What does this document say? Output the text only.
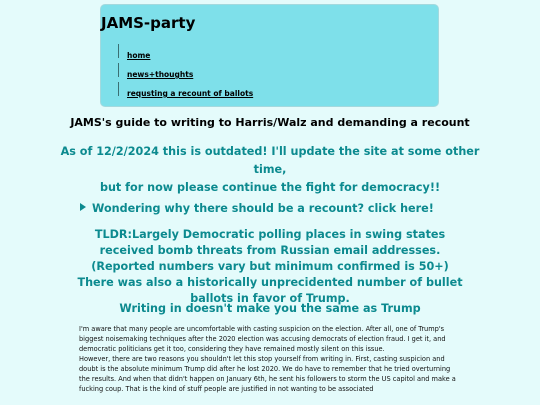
JAMS-party
home
news+thoughts
requsting a recount of ballots
JAMS's guide to writing to Harris/Walz and demanding a recount

As of 12/2/2024 this is outdated! I'll update the site at some other time,
but for now please continue the fight for democracy!!

Wondering why there should be a recount? click here!

TLDR:Largely Democratic polling places in swing states received bomb threats from Russian email addresses. (Reported numbers vary but minimum confirmed is 50+) There was also a historically unprecidented number of bullet ballots in favor of Trump.

Writing in doesn't make you the same as Trump
I'm aware that many people are uncomfortable with casting suspicion on the election. After all, one of Trump's biggest noisemaking techniques after the 2020 election was accusing democrats of election fraud. I get it, and democratic politicians get it too, considering they have remained mostly silent on this issue.
However, there are two reasons you shouldn't let this stop yourself from writing in. First, casting suspicion and doubt is the absolute minimum Trump did after he lost 2020. We do have to remember that he tried overturning the results. And when that didn't happen on January 6th, he sent his followers to storm the US capitol and make a fucking coup. That is the kind of stuff people are justified in not wanting to be associated
